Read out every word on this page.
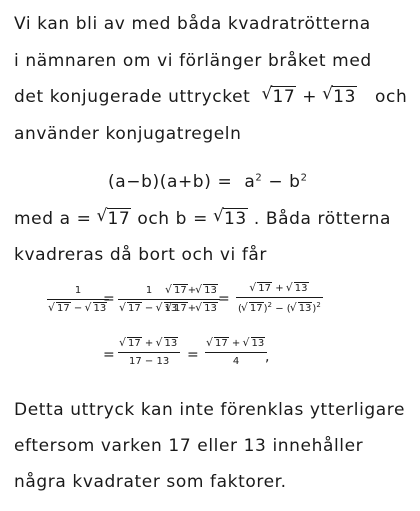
Vi kan bli av med båda kvadratrötterna
i nämnaren om vi förlänger bråket med
det konjugerade uttrycket √ 17 + √ 13 och
använder konjugatregeln
$(a-b)(a+b) = a^2 - b^2$
med a = √ 17 och b = √ 13 . Båda rötterna
kvadreras då bort och vi får
1
√ 17 − √ 13
=
1
√ 17 − √ 13
√ 17+ √ 13
√ 17+ √ 13
=
√ 17 + √ 13
( √ 17)$^2$ − ( √ 13)$^2$
=
√ 17 + √ 13
17 − 13 =
√ 17 + √ 13
4 ,
Detta uttryck kan inte förenklas ytterligare
eftersom varken 17 eller 13 innehåller
några kvadrater som faktorer.
